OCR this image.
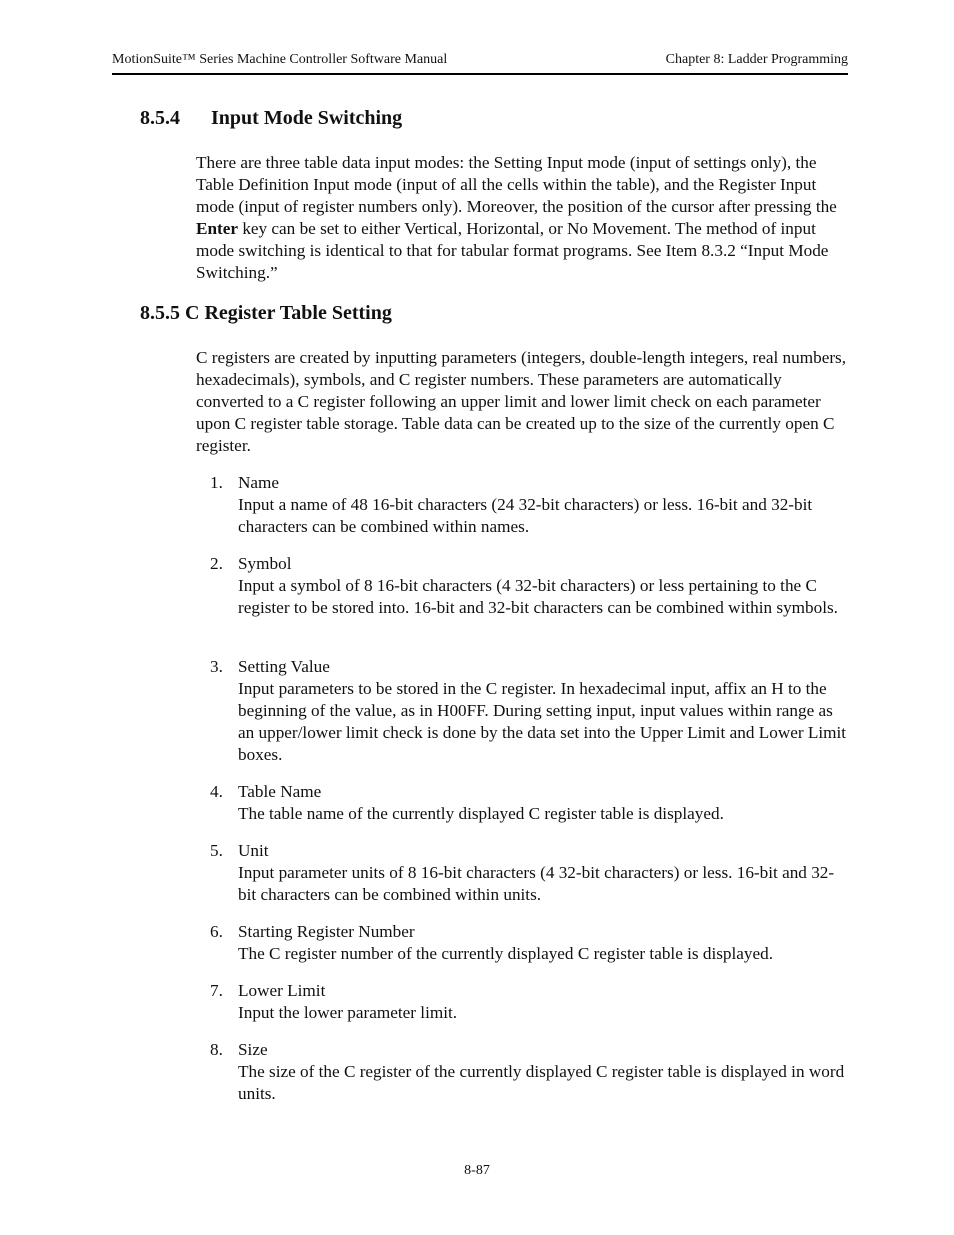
MotionSuite™ Series Machine Controller Software Manual	Chapter 8: Ladder Programming
8.5.4 Input Mode Switching
There are three table data input modes: the Setting Input mode (input of settings only), the Table Definition Input mode (input of all the cells within the table), and the Register Input mode (input of register numbers only). Moreover, the position of the cursor after pressing the Enter key can be set to either Vertical, Horizontal, or No Movement. The method of input mode switching is identical to that for tabular format programs. See Item 8.3.2 “Input Mode Switching.”
8.5.5 C Register Table Setting
C registers are created by inputting parameters (integers, double-length integers, real numbers, hexadecimals), symbols, and C register numbers. These parameters are automatically converted to a C register following an upper limit and lower limit check on each parameter upon C register table storage. Table data can be created up to the size of the currently open C register.
1. Name
Input a name of 48 16-bit characters (24 32-bit characters) or less. 16-bit and 32-bit characters can be combined within names.
2. Symbol
Input a symbol of 8 16-bit characters (4 32-bit characters) or less pertaining to the C register to be stored into. 16-bit and 32-bit characters can be combined within symbols.
3. Setting Value
Input parameters to be stored in the C register. In hexadecimal input, affix an H to the beginning of the value, as in H00FF. During setting input, input values within range as an upper/lower limit check is done by the data set into the Upper Limit and Lower Limit boxes.
4. Table Name
The table name of the currently displayed C register table is displayed.
5. Unit
Input parameter units of 8 16-bit characters (4 32-bit characters) or less. 16-bit and 32-bit characters can be combined within units.
6. Starting Register Number
The C register number of the currently displayed C register table is displayed.
7. Lower Limit
Input the lower parameter limit.
8. Size
The size of the C register of the currently displayed C register table is displayed in word units.
8-87
